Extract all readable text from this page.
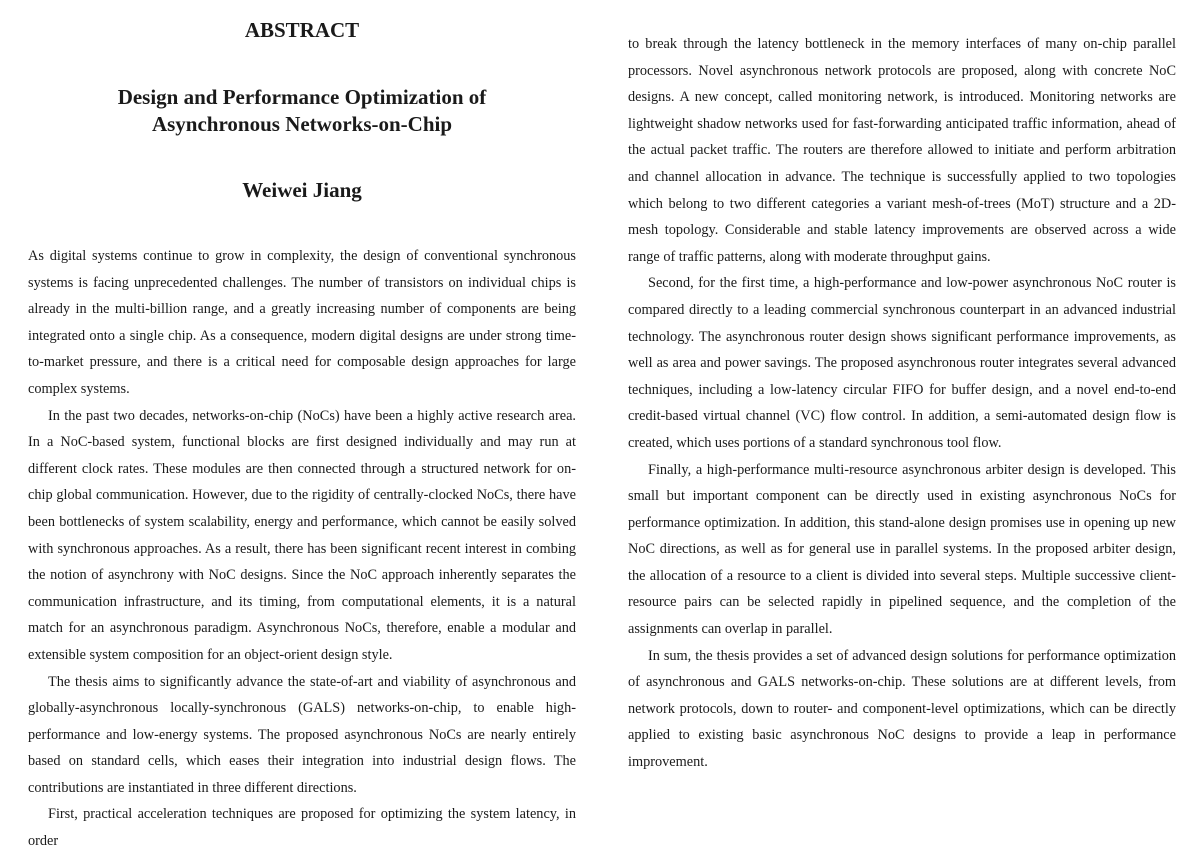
ABSTRACT
Design and Performance Optimization of
Asynchronous Networks-on-Chip
Weiwei Jiang

As digital systems continue to grow in complexity, the design of conventional synchronous systems is facing unprecedented challenges. The number of transistors on individual chips is already in the multi-billion range, and a greatly increasing number of components are being integrated onto a single chip. As a consequence, modern digital designs are under strong time-to-market pressure, and there is a critical need for composable design approaches for large complex systems.

In the past two decades, networks-on-chip (NoCs) have been a highly active research area. In a NoC-based system, functional blocks are first designed individually and may run at different clock rates. These modules are then connected through a structured network for on-chip global communication. However, due to the rigidity of centrally-clocked NoCs, there have been bottlenecks of system scalability, energy and performance, which cannot be easily solved with synchronous approaches. As a result, there has been significant recent interest in combing the notion of asynchrony with NoC designs. Since the NoC approach inherently separates the communication infrastructure, and its timing, from computational elements, it is a natural match for an asynchronous paradigm. Asynchronous NoCs, therefore, enable a modular and extensible system composition for an object-orient design style.

The thesis aims to significantly advance the state-of-art and viability of asynchronous and globally-asynchronous locally-synchronous (GALS) networks-on-chip, to enable high-performance and low-energy systems. The proposed asynchronous NoCs are nearly entirely based on standard cells, which eases their integration into industrial design flows. The contributions are instantiated in three different directions.

First, practical acceleration techniques are proposed for optimizing the system latency, in order

to break through the latency bottleneck in the memory interfaces of many on-chip parallel processors. Novel asynchronous network protocols are proposed, along with concrete NoC designs. A new concept, called monitoring network, is introduced. Monitoring networks are lightweight shadow networks used for fast-forwarding anticipated traffic information, ahead of the actual packet traffic. The routers are therefore allowed to initiate and perform arbitration and channel allocation in advance. The technique is successfully applied to two topologies which belong to two different categories a variant mesh-of-trees (MoT) structure and a 2D-mesh topology. Considerable and stable latency improvements are observed across a wide range of traffic patterns, along with moderate throughput gains.

Second, for the first time, a high-performance and low-power asynchronous NoC router is compared directly to a leading commercial synchronous counterpart in an advanced industrial technology. The asynchronous router design shows significant performance improvements, as well as area and power savings. The proposed asynchronous router integrates several advanced techniques, including a low-latency circular FIFO for buffer design, and a novel end-to-end credit-based virtual channel (VC) flow control. In addition, a semi-automated design flow is created, which uses portions of a standard synchronous tool flow.

Finally, a high-performance multi-resource asynchronous arbiter design is developed. This small but important component can be directly used in existing asynchronous NoCs for performance optimization. In addition, this stand-alone design promises use in opening up new NoC directions, as well as for general use in parallel systems. In the proposed arbiter design, the allocation of a resource to a client is divided into several steps. Multiple successive client-resource pairs can be selected rapidly in pipelined sequence, and the completion of the assignments can overlap in parallel.

In sum, the thesis provides a set of advanced design solutions for performance optimization of asynchronous and GALS networks-on-chip. These solutions are at different levels, from network protocols, down to router- and component-level optimizations, which can be directly applied to existing basic asynchronous NoC designs to provide a leap in performance improvement.
